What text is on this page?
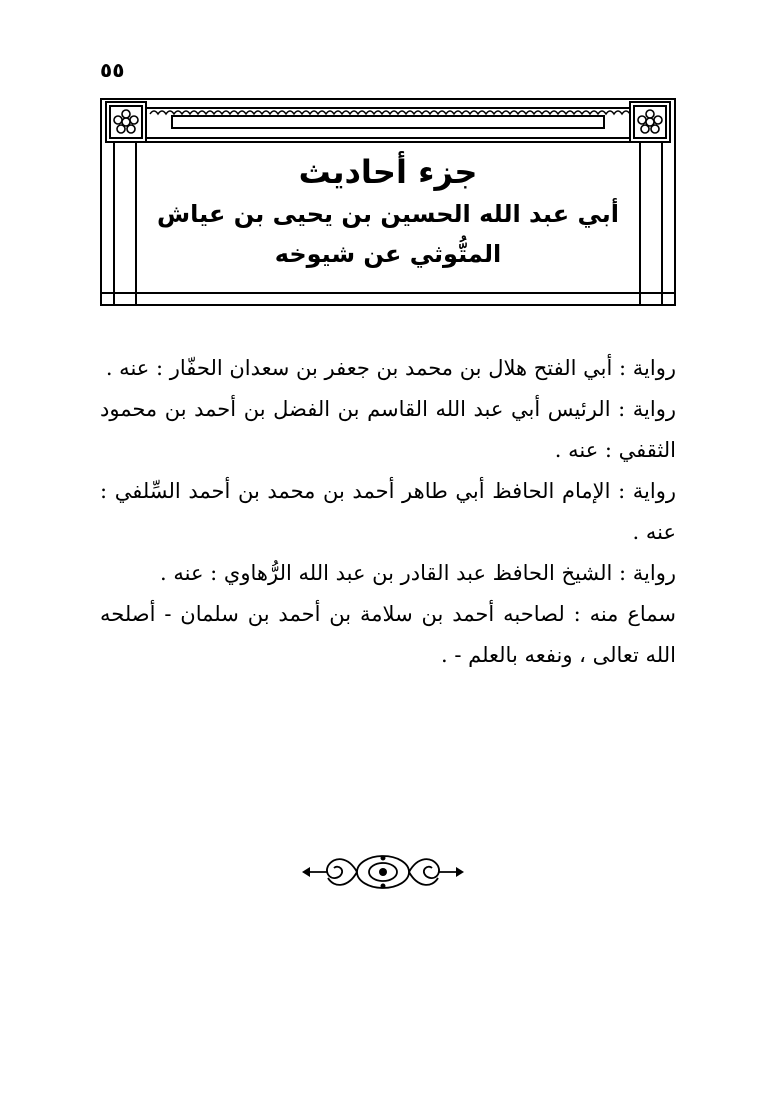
٥٥
جزء أحاديث
أبي عبد الله الحسين بن يحيى بن عياش
المتُّوثي عن شيوخه

رواية : أبي الفتح هلال بن محمد بن جعفر بن سعدان الحفّار : عنه .

رواية : الرئيس أبي عبد الله القاسم بن الفضل بن أحمد بن محمود الثقفي : عنه .

رواية : الإمام الحافظ أبي طاهر أحمد بن محمد بن أحمد السِّلفي : عنه .

رواية : الشيخ الحافظ عبد القادر بن عبد الله الرُّهاوي : عنه .

سماع منه : لصاحبه أحمد بن سلامة بن أحمد بن سلمان - أصلحه الله تعالى ، ونفعه بالعلم - .
